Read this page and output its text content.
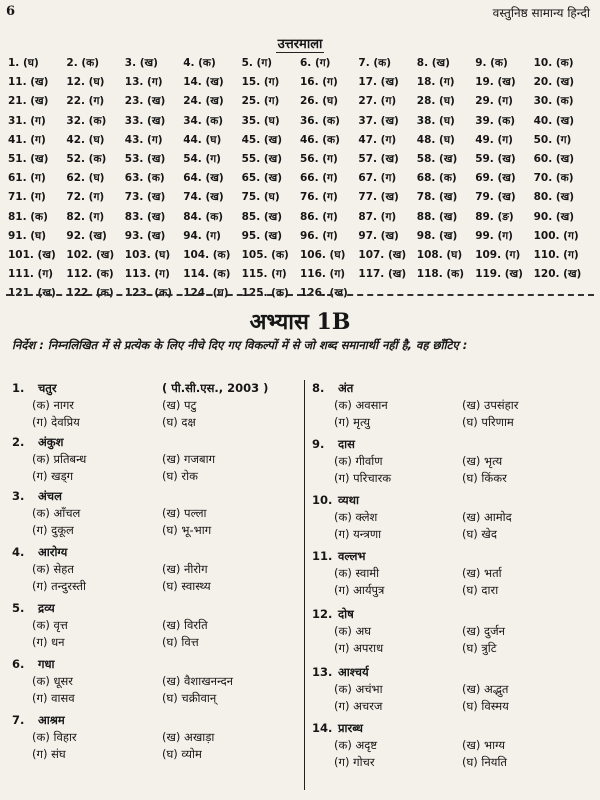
6	वस्तुनिष्ठ सामान्य हिन्दी
उत्तरमाला
1. (घ)	2. (क)	3. (ख)	4. (क)	5. (ग)	6. (ग)	7. (क)	8. (ख)	9. (क)	10. (क)
11. (ख)	12. (घ)	13. (ग)	14. (ख)	15. (ग)	16. (ग)	17. (ख)	18. (ग)	19. (ख)	20. (ख)
21. (ख)	22. (ग)	23. (ख)	24. (ख)	25. (ग)	26. (घ)	27. (ग)	28. (घ)	29. (ग)	30. (क)
31. (ग)	32. (क)	33. (ख)	34. (क)	35. (घ)	36. (क)	37. (ख)	38. (घ)	39. (क)	40. (ख)
41. (ग)	42. (घ)	43. (ग)	44. (घ)	45. (ख)	46. (क)	47. (ग)	48. (घ)	49. (ग)	50. (ग)
51. (ख)	52. (क)	53. (ख)	54. (ग)	55. (ख)	56. (ग)	57. (ख)	58. (ख)	59. (ख)	60. (ख)
61. (ग)	62. (घ)	63. (क)	64. (ख)	65. (ख)	66. (ग)	67. (ग)	68. (क)	69. (ख)	70. (क)
71. (ग)	72. (ग)	73. (ख)	74. (ख)	75. (घ)	76. (ग)	77. (ख)	78. (ख)	79. (ख)	80. (ख)
81. (क)	82. (ग)	83. (ख)	84. (क)	85. (ख)	86. (ग)	87. (ग)	88. (ख)	89. (ङ)	90. (ख)
91. (घ)	92. (ख)	93. (ख)	94. (ग)	95. (ख)	96. (ग)	97. (ख)	98. (ख)	99. (ग)	100. (ग)
101. (ख)	102. (ख)	103. (घ)	104. (क)	105. (क)	106. (घ)	107. (ख)	108. (घ)	109. (ग)	110. (ग)
111. (ग)	112. (क)	113. (ग)	114. (क)	115. (ग)	116. (ग)	117. (ख)	118. (क)	119. (ख)	120. (ख)
121. (ख)	122. (क)	123. (क)	124. (घ)	125. (क)	126. (ख)
अभ्यास 1B
निर्देश : निम्नलिखित में से प्रत्येक के लिए नीचे दिए गए विकल्पों में से जो शब्द समानार्थी नहीं है, वह छाँटिए :
1. चतुर	( पी.सी.एस., 2003 )
(क) नागर	(ख) पटु
(ग) देवप्रिय	(घ) दक्ष
2. अंकुश
(क) प्रतिबन्ध	(ख) गजबाग
(ग) खड्ग	(घ) रोक
3. अंचल
(क) आँचल	(ख) पल्ला
(ग) दुकूल	(घ) भू-भाग
4. आरोग्य
(क) सेहत	(ख) नीरोग
(ग) तन्दुरस्ती	(घ) स्वास्थ्य
5. द्रव्य
(क) वृत्त	(ख) विरति
(ग) धन	(घ) वित्त
6. गधा
(क) धूसर	(ख) वैशाखनन्दन
(ग) वासव	(घ) चक्रीवान्
7. आश्रम
(क) विहार	(ख) अखाड़ा
(ग) संघ	(घ) व्योम
8. अंत
(क) अवसान	(ख) उपसंहार
(ग) मृत्यु	(घ) परिणाम
9. दास
(क) गीर्वाण	(ख) भृत्य
(ग) परिचारक	(घ) किंकर
10. व्यथा
(क) क्लेश	(ख) आमोद
(ग) यन्त्रणा	(घ) खेद
11. वल्लभ
(क) स्वामी	(ख) भर्ता
(ग) आर्यपुत्र	(घ) दारा
12. दोष
(क) अघ	(ख) दुर्जन
(ग) अपराध	(घ) त्रुटि
13. आश्चर्य
(क) अचंभा	(ख) अद्भुत
(ग) अचरज	(घ) विस्मय
14. प्रारब्ध
(क) अदृष्ट	(ख) भाग्य
(ग) गोचर	(घ) नियति
